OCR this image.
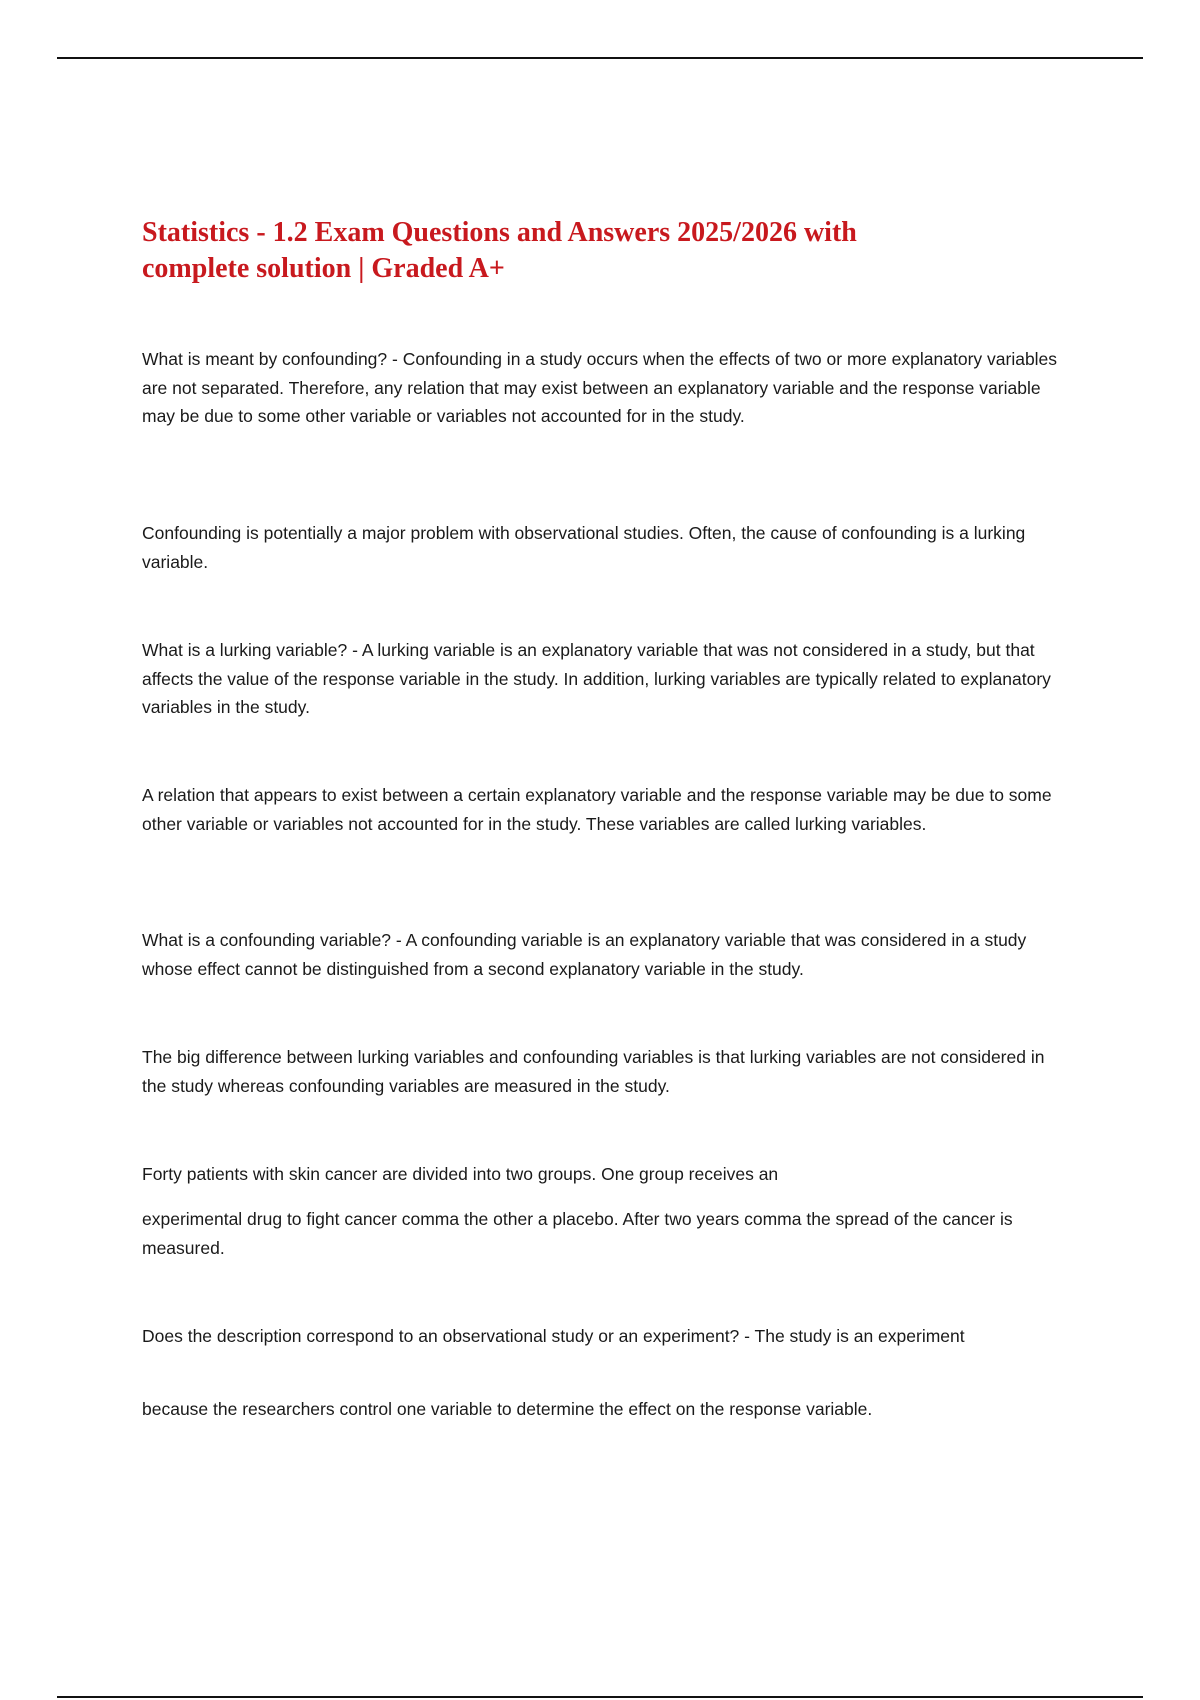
Statistics - 1.2 Exam Questions and Answers 2025/2026 with complete solution | Graded A+

What is meant by confounding? - Confounding in a study occurs when the effects of two or more explanatory variables are not separated. Therefore, any relation that may exist between an explanatory variable and the response variable may be due to some other variable or variables not accounted for in the study.

Confounding is potentially a major problem with observational studies. Often, the cause of confounding is a lurking variable.

What is a lurking variable? - A lurking variable is an explanatory variable that was not considered in a study, but that affects the value of the response variable in the study. In addition, lurking variables are typically related to explanatory variables in the study.

A relation that appears to exist between a certain explanatory variable and the response variable may be due to some other variable or variables not accounted for in the study. These variables are called lurking variables.

What is a confounding variable? - A confounding variable is an explanatory variable that was considered in a study whose effect cannot be distinguished from a second explanatory variable in the study.

The big difference between lurking variables and confounding variables is that lurking variables are not considered in the study whereas confounding variables are measured in the study.

Forty patients with skin cancer are divided into two groups. One group receives an

experimental drug to fight cancer comma the other a placebo. After two years comma the spread of the cancer is measured.

Does the description correspond to an observational study or an experiment? - The study is an experiment

because the researchers control one variable to determine the effect on the response variable.
